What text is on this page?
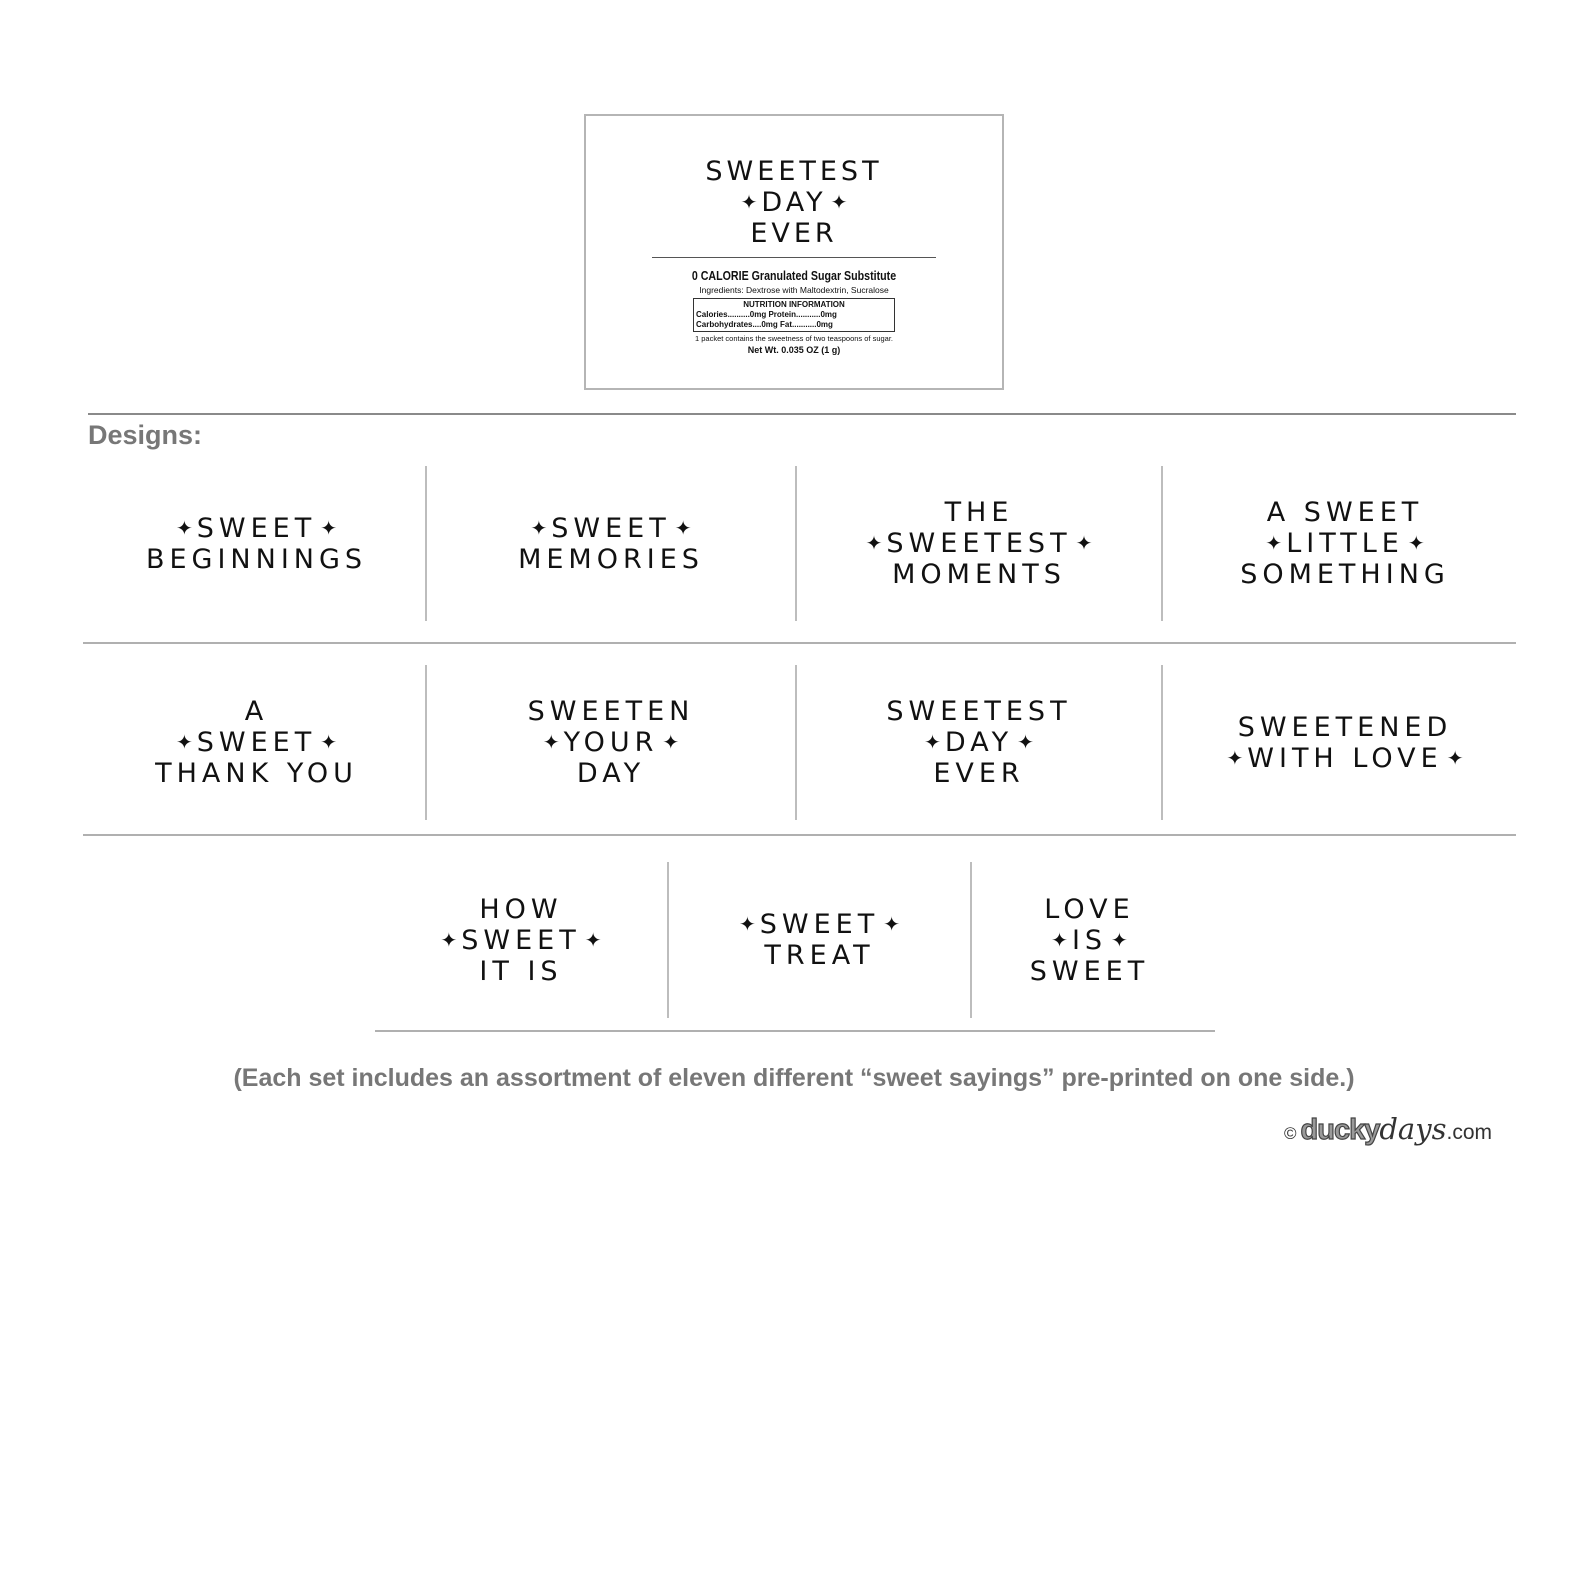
SWEETEST
✦ DAY ✦
EVER
0 CALORIE Granulated Sugar Substitute
Ingredients: Dextrose with Maltodextrin, Sucralose
NUTRITION INFORMATION
Calories..........0mg Protein...........0mg
Carbohydrates....0mg Fat...........0mg
1 packet contains the sweetness of two teaspoons of sugar.
Net Wt. 0.035 OZ (1 g)
Designs:
✦ SWEET ✦
BEGINNINGS
✦ SWEET ✦
MEMORIES
THE
✦ SWEETEST ✦
MOMENTS
A SWEET
✦ LITTLE ✦
SOMETHING
A
✦ SWEET ✦
THANK YOU
SWEETEN
✦ YOUR ✦
DAY
SWEETEST
✦ DAY ✦
EVER
SWEETENED
✦ WITH LOVE ✦
HOW
✦ SWEET ✦
IT IS
✦ SWEET ✦
TREAT
LOVE
✦ IS ✦
SWEET
(Each set includes an assortment of eleven different “sweet sayings” pre-printed on one side.)
© ducky days .com
